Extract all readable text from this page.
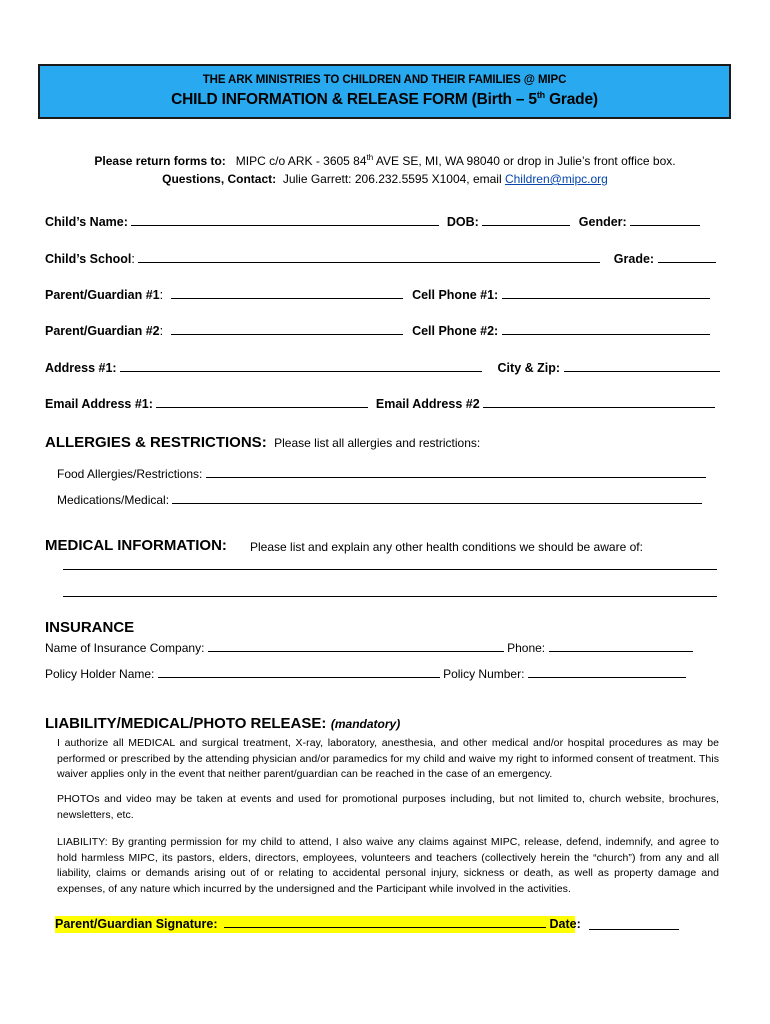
THE ARK MINISTRIES TO CHILDREN AND THEIR FAMILIES @ MIPC
CHILD INFORMATION & RELEASE FORM (Birth – 5th Grade)
Please return forms to: MIPC c/o ARK - 3605 84th AVE SE, MI, WA 98040 or drop in Julie’s front office box.
Questions, Contact: Julie Garrett: 206.232.5595 X1004, email Children@mipc.org
Child’s Name:	DOB:	Gender:
Child’s School:	Grade:
Parent/Guardian #1:	Cell Phone #1:
Parent/Guardian #2:	Cell Phone #2:
Address #1:	City & Zip:
Email Address #1:	Email Address #2
ALLERGIES & RESTRICTIONS: Please list all allergies and restrictions:
Food Allergies/Restrictions:
Medications/Medical:
MEDICAL INFORMATION: Please list and explain any other health conditions we should be aware of:
INSURANCE
Name of Insurance Company:	Phone:
Policy Holder Name:	Policy Number:
LIABILITY/MEDICAL/PHOTO RELEASE: (mandatory)
I authorize all MEDICAL and surgical treatment, X-ray, laboratory, anesthesia, and other medical and/or hospital procedures as may be performed or prescribed by the attending physician and/or paramedics for my child and waive my right to informed consent of treatment. This waiver applies only in the event that neither parent/guardian can be reached in the case of an emergency.
PHOTOs and video may be taken at events and used for promotional purposes including, but not limited to, church website, brochures, newsletters, etc.
LIABILITY: By granting permission for my child to attend, I also waive any claims against MIPC, release, defend, indemnify, and agree to hold harmless MIPC, its pastors, elders, directors, employees, volunteers and teachers (collectively herein the “church”) from any and all liability, claims or demands arising out of or relating to accidental personal injury, sickness or death, as well as property damage and expenses, of any nature which incurred by the undersigned and the Participant while involved in the activities.
Parent/Guardian Signature:	Date:
